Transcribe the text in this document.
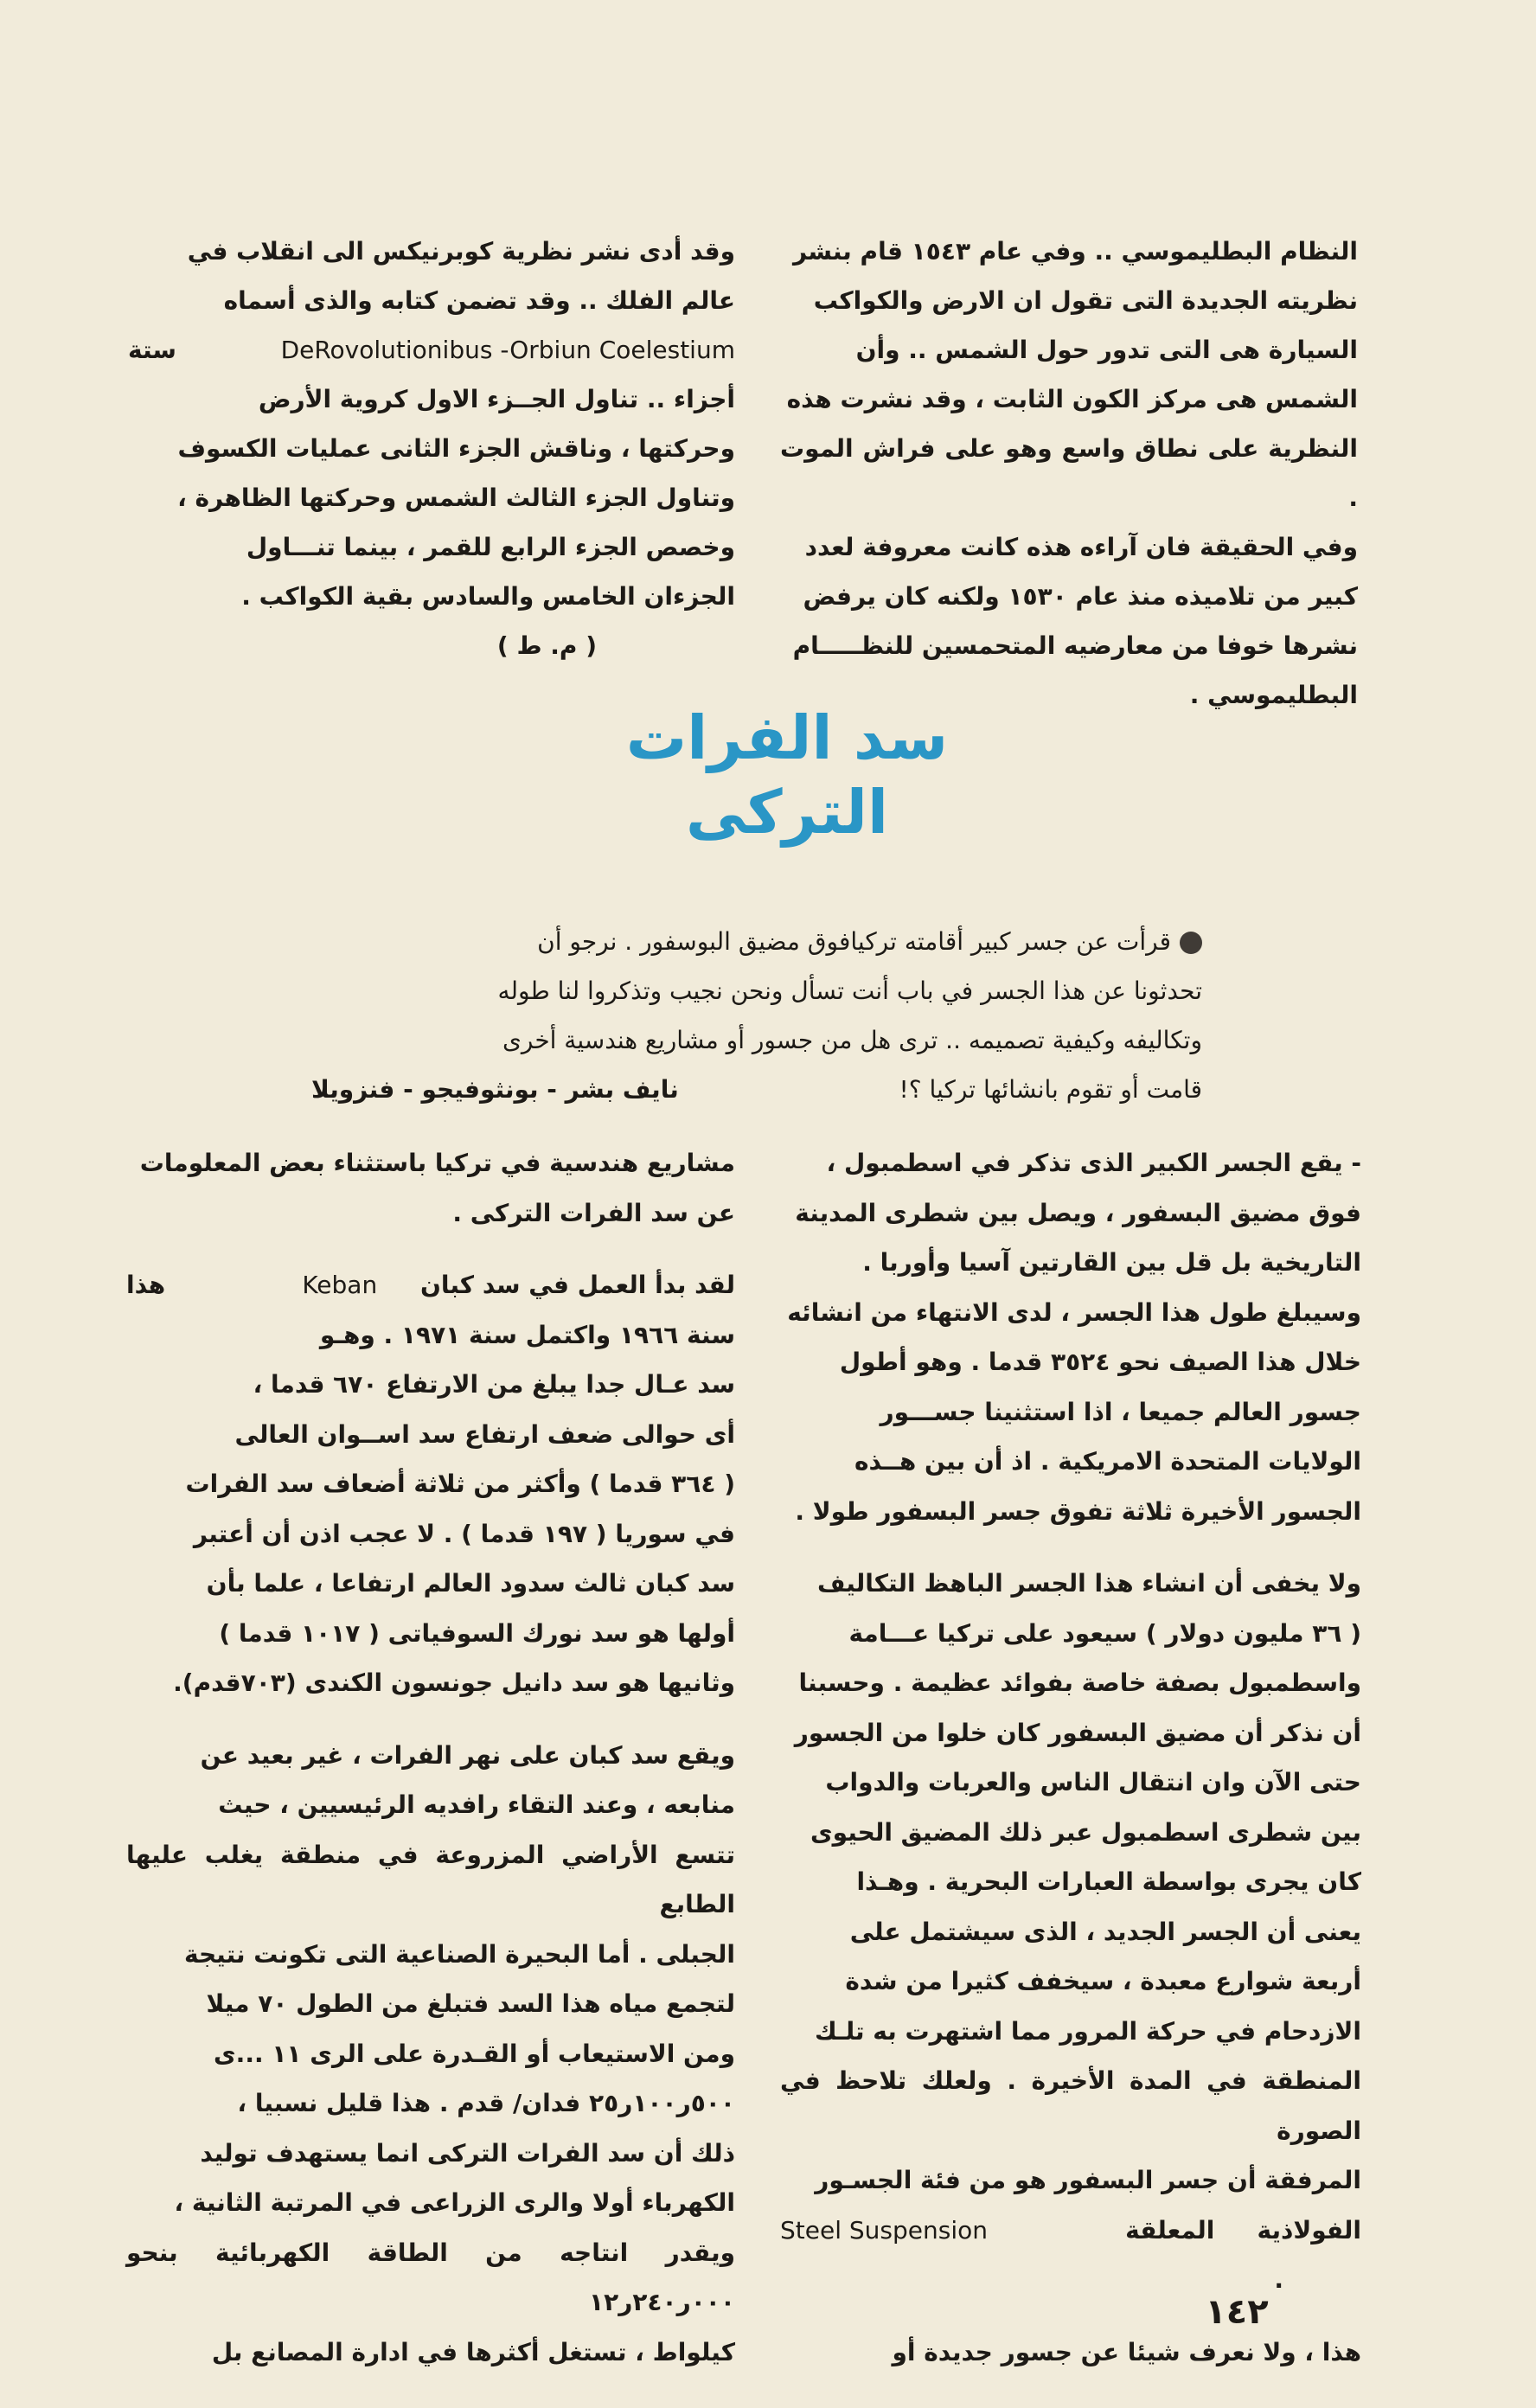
النظام البطليموسي .. وفي عام ١٥٤٣ قام بنشر

نظريته الجديدة التى تقول ان الارض والكواكب

السيارة هى التى تدور حول الشمس .. وأن

الشمس هى مركز الكون الثابت ، وقد نشرت هذه

النظرية على نطاق واسع وهو على فراش الموت .

وفي الحقيقة فان آراءه هذه كانت معروفة لعدد

كبير من تلاميذه منذ عام ١٥٣٠ ولكنه كان يرفض

نشرها خوفا من معارضيه المتحمسين للنظـــــام

البطليموسي .

وقد أدى نشر نظرية كوبرنيكس الى انقلاب في

عالم الفلك .. وقد تضمن كتابه والذى أسماه

DeRovolutionibus -Orbiun Coelestium
ستة

أجزاء .. تناول الجــزء الاول كروية الأرض

وحركتها ، وناقش الجزء الثانى عمليات الكسوف

وتناول الجزء الثالث الشمس وحركتها الظاهرة ،

وخصص الجزء الرابع للقمر ، بينما تنـــاول

الجزءان الخامس والسادس بقية الكواكب .

( م. ط )

سد الفرات
التركى

قرأت عن جسر كبير أقامته تركيافوق مضيق البوسفور . نرجو أن

تحدثونا عن هذا الجسر في باب أنت تسأل ونحن نجيب وتذكروا لنا طوله

وتكاليفه وكيفية تصميمه .. ترى هل من جسور أو مشاريع هندسية أخرى

قامت أو تقوم بانشائها تركيا ؟!
نايف بشر - بونثوفيجو - فنزويلا

- يقع الجسر الكبير الذى تذكر في اسطمبول ،

فوق مضيق البسفور ، ويصل بين شطرى المدينة

التاريخية بل قل بين القارتين آسيا وأوربا .

وسيبلغ طول هذا الجسر ، لدى الانتهاء من انشائه

خلال هذا الصيف نحو ٣٥٢٤ قدما . وهو أطول

جسور العالم جميعا ، اذا استثنينا جســـور

الولايات المتحدة الامريكية . اذ أن بين هــذه

الجسور الأخيرة ثلاثة تفوق جسر البسفور طولا .

ولا يخفى أن انشاء هذا الجسر الباهظ التكاليف

( ٣٦ مليون دولار ) سيعود على تركيا عـــامة

واسطمبول بصفة خاصة بفوائد عظيمة . وحسبنا

أن نذكر أن مضيق البسفور كان خلوا من الجسور

حتى الآن وان انتقال الناس والعربات والدواب

بين شطرى اسطمبول عبر ذلك المضيق الحيوى

كان يجرى بواسطة العبارات البحرية . وهـذا

يعنى أن الجسر الجديد ، الذى سيشتمل على

أربعة شوارع معبدة ، سيخفف كثيرا من شدة

الازدحام في حركة المرور مما اشتهرت به تلـك

المنطقة في المدة الأخيرة . ولعلك تلاحظ في الصورة

المرفقة أن جسر البسفور هو من فئة الجسـور

الفولاذية المعلقة Steel Suspension .

هذا ، ولا نعرف شيئا عن جسور جديدة أو

مشاريع هندسية في تركيا باستثناء بعض المعلومات

عن سد الفرات التركى .

لقد بدأ العمل في سد كبان Keban
هذا

سنة ١٩٦٦ واكتمل سنة ١٩٧١ . وهـو

سد عـال جدا يبلغ من الارتفاع ٦٧٠ قدما ،

أى حوالى ضعف ارتفاع سد اســوان العالى

( ٣٦٤ قدما ) وأكثر من ثلاثة أضعاف سد الفرات

في سوريا ( ١٩٧ قدما ) . لا عجب اذن أن أعتبر

سد كبان ثالث سدود العالم ارتفاعا ، علما بأن

أولها هو سد نورك السوفياتى ( ١٠١٧ قدما )

وثانيها هو سد دانيل جونسون الكندى (٧٠٣قدم).

ويقع سد كبان على نهر الفرات ، غير بعيد عن

منابعه ، وعند التقاء رافديه الرئيسيين ، حيث

تتسع الأراضي المزروعة في منطقة يغلب عليها الطابع

الجبلى . أما البحيرة الصناعية التى تكونت نتيجة

لتجمع مياه هذا السد فتبلغ من الطول ٧٠ ميلا

ومن الاستيعاب أو القـدرة على الرى ١١ ...ى

٥٠٠ر١٠٠ر٢٥ فدان/ قدم . هذا قليل نسبيا ،

ذلك أن سد الفرات التركى انما يستهدف توليد

الكهرباء أولا والرى الزراعى في المرتبة الثانية ،

ويقدر انتاجه من الطاقة الكهربائية بنحو ٠٠٠ر٢٤٠ر١٢

كيلواط ، تستغل أكثرها في ادارة المصانع بل

١٤٢
